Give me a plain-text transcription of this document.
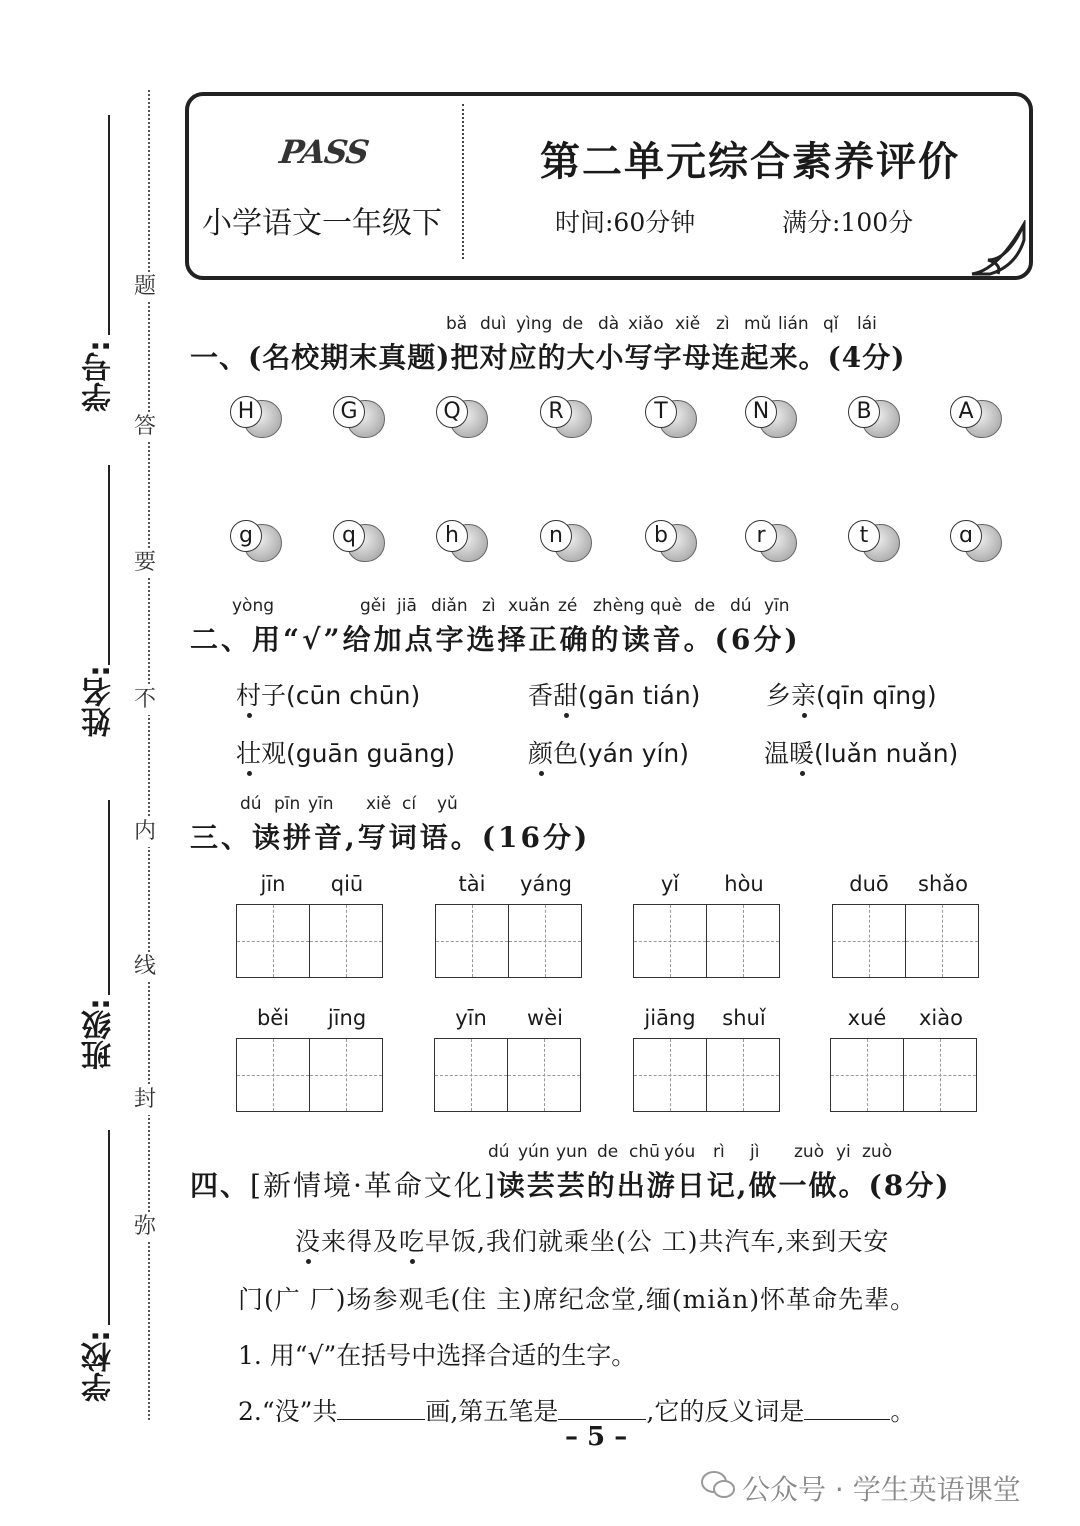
学号:
姓名:
班级:
学校:
题
答
要
不
内
线
封
弥
PASS
小学语文一年级下
第二单元综合素养评价
时间:60分钟	满分:100分
bǎ duì yìng de dà xiǎo xiě zì mǔ lián qǐ lái
一、(名校期末真题)把对应的大小写字母连起来。(4分)
H	G	Q	R	T	N	B	A
g	q	h	n	b	r	t	ɑ
yòng	gěi jiā diǎn zì xuǎn zé zhèng què de dú yīn
二、用“√”给加点字选择正确的读音。(6分)
村子(cūn chūn)	香甜(gān tián)	乡亲(qīn qīng)
壮观(guān guāng)	颜色(yán yín)	温暖(luǎn nuǎn)
dú pīn yīn xiě cí yǔ
三、读拼音,写词语。(16分)
jīn	qiū	tài	yáng	yǐ	hòu	duō	shǎo
běi	jīng	yīn	wèi	jiāng	shuǐ	xué	xiào
dú yún yun de chū yóu rì jì zuò yi zuò
四、[新情境·革命文化]读芸芸的出游日记,做一做。(8分)
没来得及吃早饭,我们就乘坐(公 工)共汽车,来到天安
门(广 厂)场参观毛(住 主)席纪念堂,缅(miǎn)怀革命先辈。
1. 用“√”在括号中选择合适的生字。
2.“没”共	画,第五笔是	,它的反义词是	。
– 5 –
公众号 · 学生英语课堂
